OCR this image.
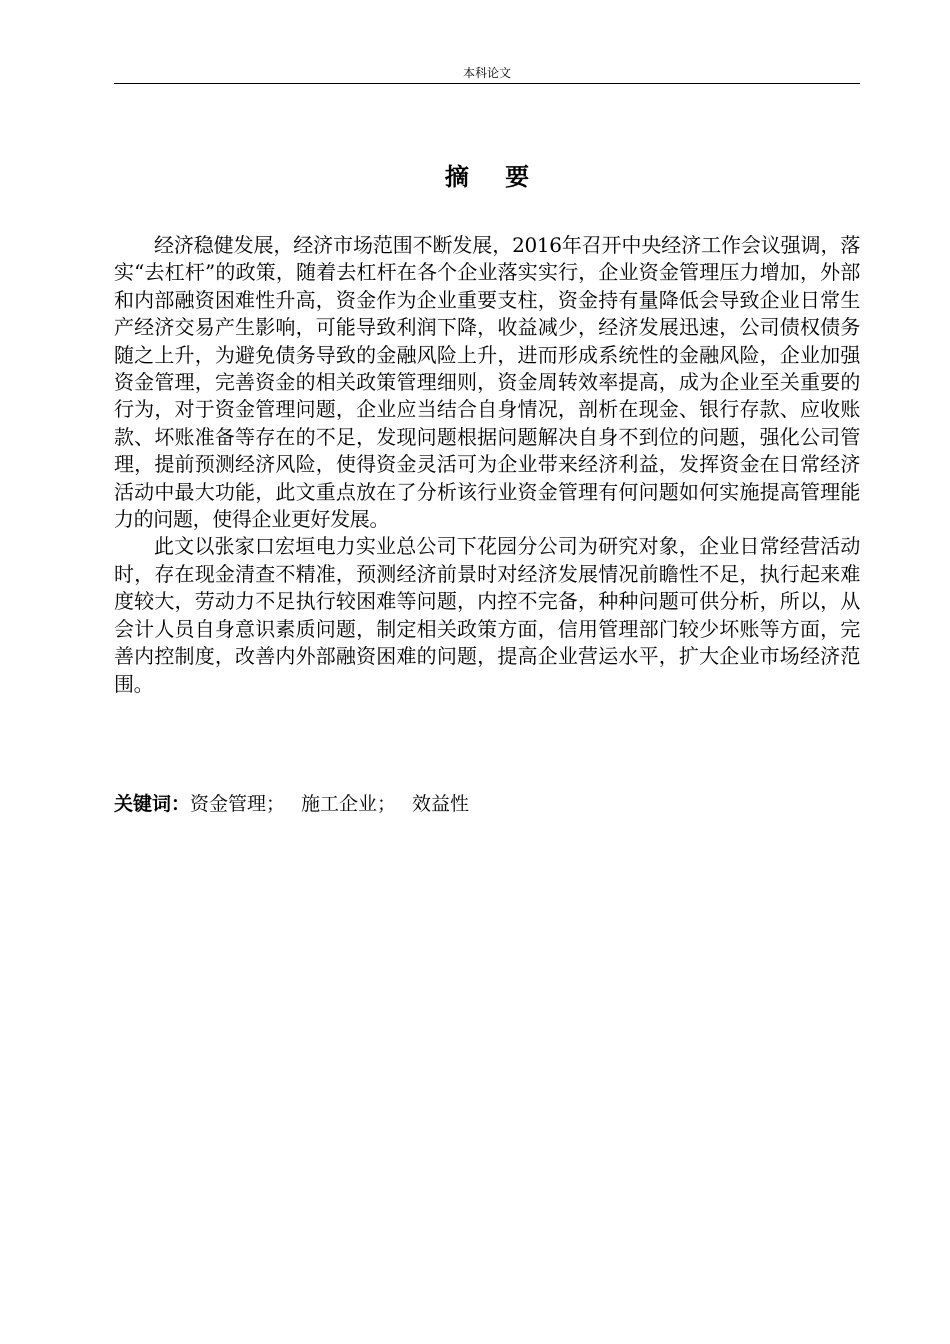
本科论文
摘 要

经济稳健发展，经济市场范围不断发展，2016年召开中央经济工作会议强调，落实“去杠杆”的政策，随着去杠杆在各个企业落实实行，企业资金管理压力增加，外部和内部融资困难性升高，资金作为企业重要支柱，资金持有量降低会导致企业日常生产经济交易产生影响，可能导致利润下降，收益减少，经济发展迅速，公司债权债务随之上升，为避免债务导致的金融风险上升，进而形成系统性的金融风险，企业加强资金管理，完善资金的相关政策管理细则，资金周转效率提高，成为企业至关重要的行为，对于资金管理问题，企业应当结合自身情况，剖析在现金、银行存款、应收账款、坏账准备等存在的不足，发现问题根据问题解决自身不到位的问题，强化公司管理，提前预测经济风险，使得资金灵活可为企业带来经济利益，发挥资金在日常经济活动中最大功能，此文重点放在了分析该行业资金管理有何问题如何实施提高管理能力的问题，使得企业更好发展。

此文以张家口宏垣电力实业总公司下花园分公司为研究对象，企业日常经营活动时，存在现金清查不精准，预测经济前景时对经济发展情况前瞻性不足，执行起来难度较大，劳动力不足执行较困难等问题，内控不完备，种种问题可供分析，所以，从会计人员自身意识素质问题，制定相关政策方面，信用管理部门较少坏账等方面，完善内控制度，改善内外部融资困难的问题，提高企业营运水平，扩大企业市场经济范围。

关键词：资金管理； 施工企业； 效益性
